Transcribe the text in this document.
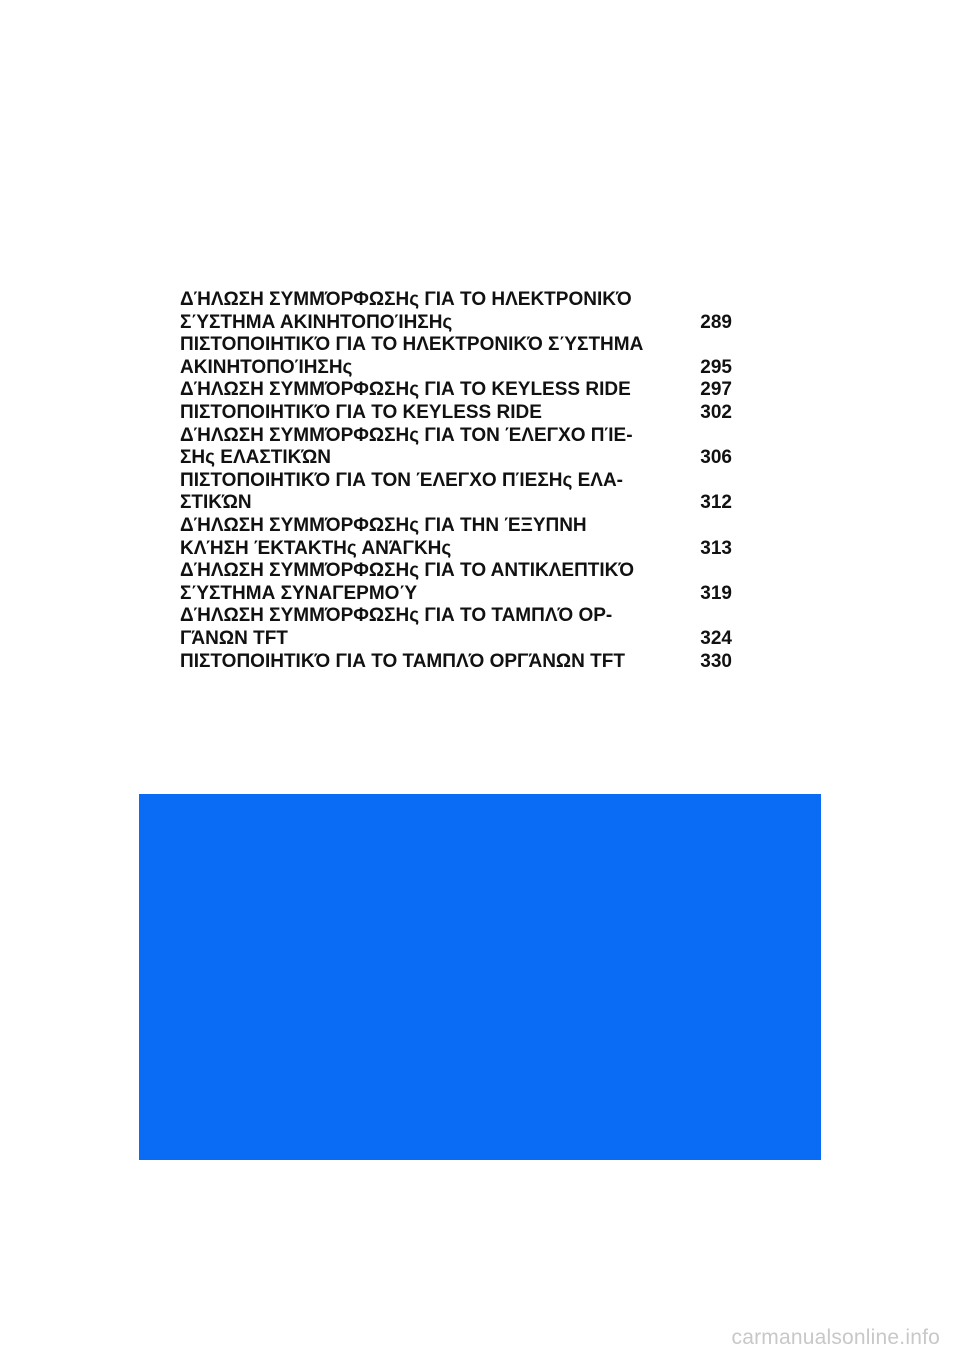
ΔΉΛΩΣΗ ΣΥΜΜΌΡΦΩΣΗς ΓΙΑ ΤΟ ΗΛΕΚΤΡΟΝΙΚΌ
ΣΎΣΤΗΜΑ ΑΚΙΝΗΤΟΠΟΊΗΣΗς	289
ΠΙΣΤΟΠΟΙΗΤΙΚΌ ΓΙΑ ΤΟ ΗΛΕΚΤΡΟΝΙΚΌ ΣΎΣΤΗΜΑ
ΑΚΙΝΗΤΟΠΟΊΗΣΗς	295
ΔΉΛΩΣΗ ΣΥΜΜΌΡΦΩΣΗς ΓΙΑ ΤΟ KEYLESS RIDE	297
ΠΙΣΤΟΠΟΙΗΤΙΚΌ ΓΙΑ ΤΟ KEYLESS RIDE	302
ΔΉΛΩΣΗ ΣΥΜΜΌΡΦΩΣΗς ΓΙΑ ΤΟΝ ΈΛΕΓΧΟ ΠΊΕ-
ΣΗς ΕΛΑΣΤΙΚΏΝ	306
ΠΙΣΤΟΠΟΙΗΤΙΚΌ ΓΙΑ ΤΟΝ ΈΛΕΓΧΟ ΠΊΕΣΗς ΕΛΑ-
ΣΤΙΚΏΝ	312
ΔΉΛΩΣΗ ΣΥΜΜΌΡΦΩΣΗς ΓΙΑ ΤΗΝ ΈΞΥΠΝΗ
ΚΛΉΣΗ ΈΚΤΑΚΤΗς ΑΝΆΓΚΗς	313
ΔΉΛΩΣΗ ΣΥΜΜΌΡΦΩΣΗς ΓΙΑ ΤΟ ΑΝΤΙΚΛΕΠΤΙΚΌ
ΣΎΣΤΗΜΑ ΣΥΝΑΓΕΡΜΟΎ	319
ΔΉΛΩΣΗ ΣΥΜΜΌΡΦΩΣΗς ΓΙΑ ΤΟ ΤΑΜΠΛΌ ΟΡ-
ΓΆΝΩΝ TFT	324
ΠΙΣΤΟΠΟΙΗΤΙΚΌ ΓΙΑ ΤΟ ΤΑΜΠΛΌ ΟΡΓΆΝΩΝ TFT	330
carmanualsonline.info
